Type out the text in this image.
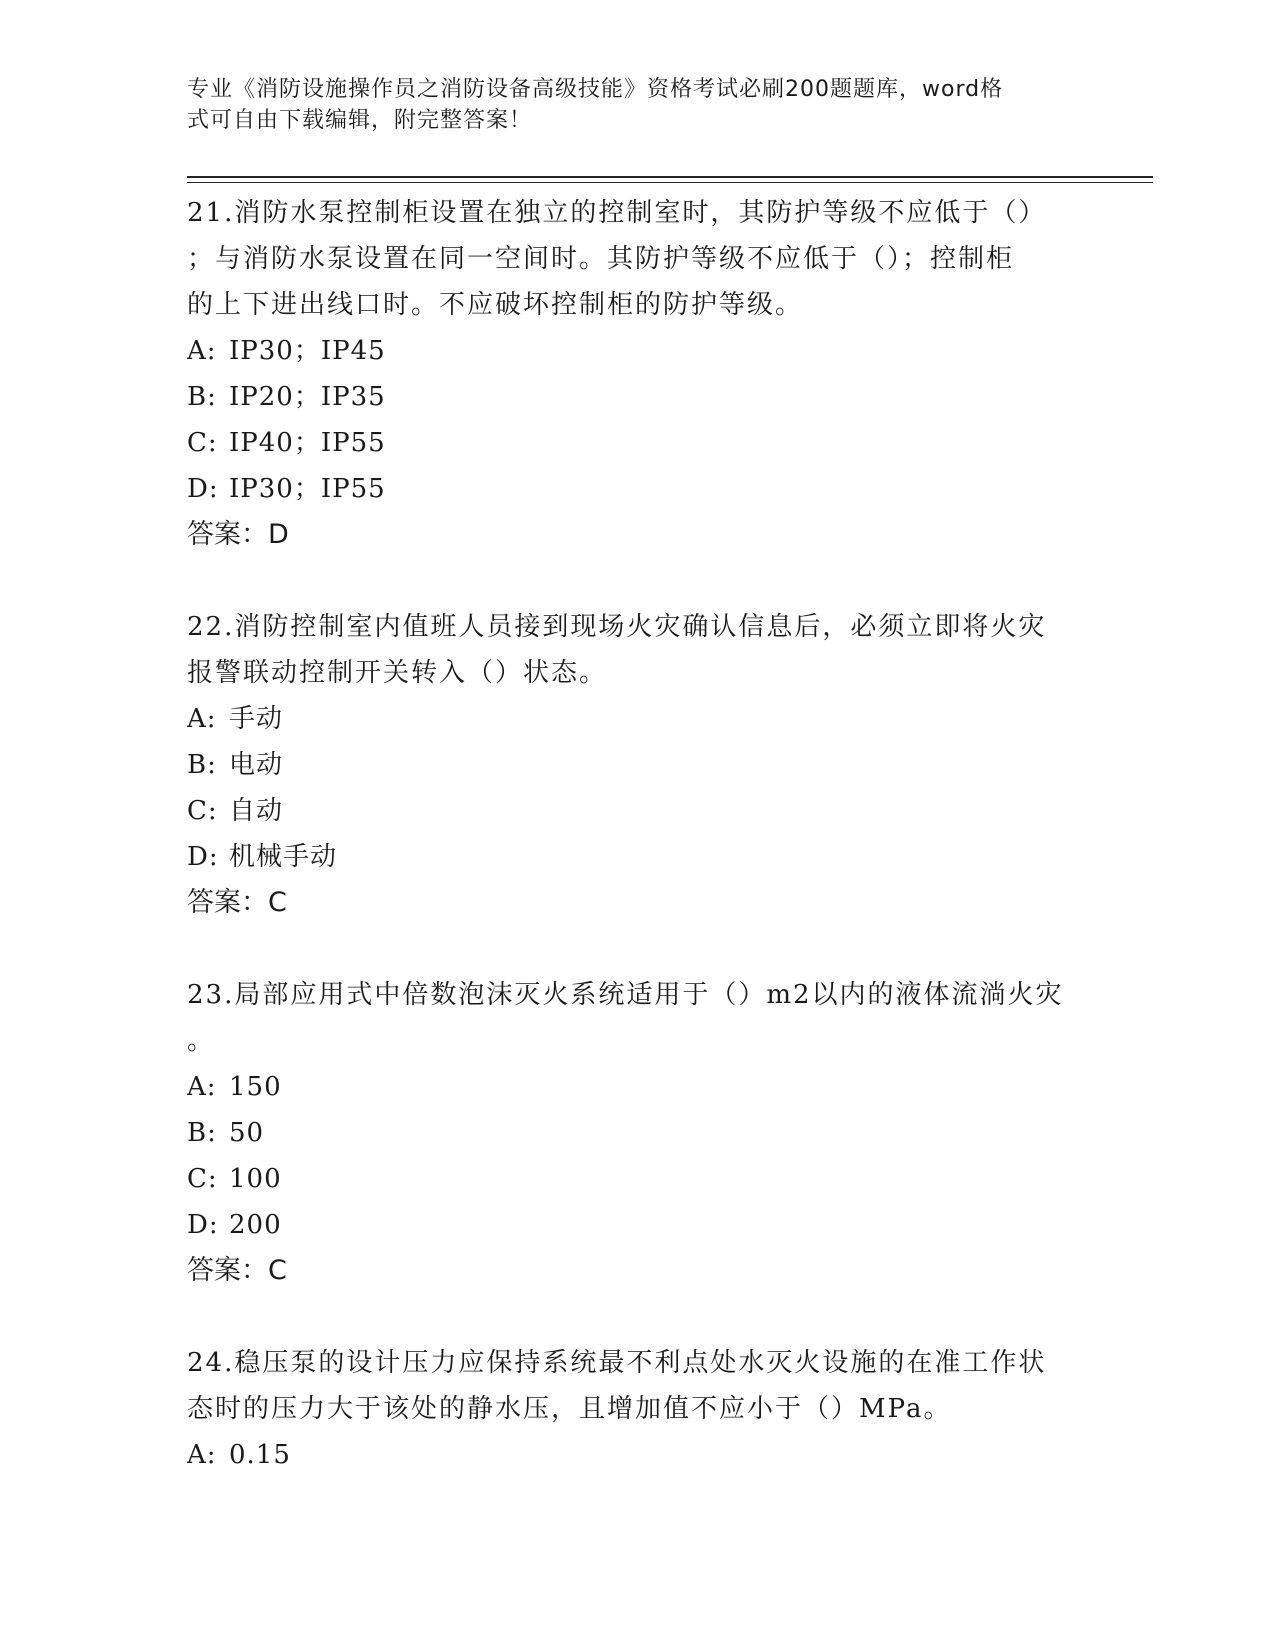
专业《消防设施操作员之消防设备高级技能》资格考试必刷200题题库，word格
式可自由下载编辑，附完整答案！
21.消防水泵控制柜设置在独立的控制室时，其防护等级不应低于（）
；与消防水泵设置在同一空间时。其防护等级不应低于（）；控制柜
的上下进出线口时。不应破坏控制柜的防护等级。
A: IP30；IP45
B: IP20；IP35
C: IP40；IP55
D: IP30；IP55
答案：D
22.消防控制室内值班人员接到现场火灾确认信息后，必须立即将火灾
报警联动控制开关转入（）状态。
A: 手动
B: 电动
C: 自动
D: 机械手动
答案：C
23.局部应用式中倍数泡沫灭火系统适用于（）m2以内的液体流淌火灾
。
A: 150
B: 50
C: 100
D: 200
答案：C
24.稳压泵的设计压力应保持系统最不利点处水灭火设施的在准工作状
态时的压力大于该处的静水压，且增加值不应小于（）MPa。
A: 0.15
